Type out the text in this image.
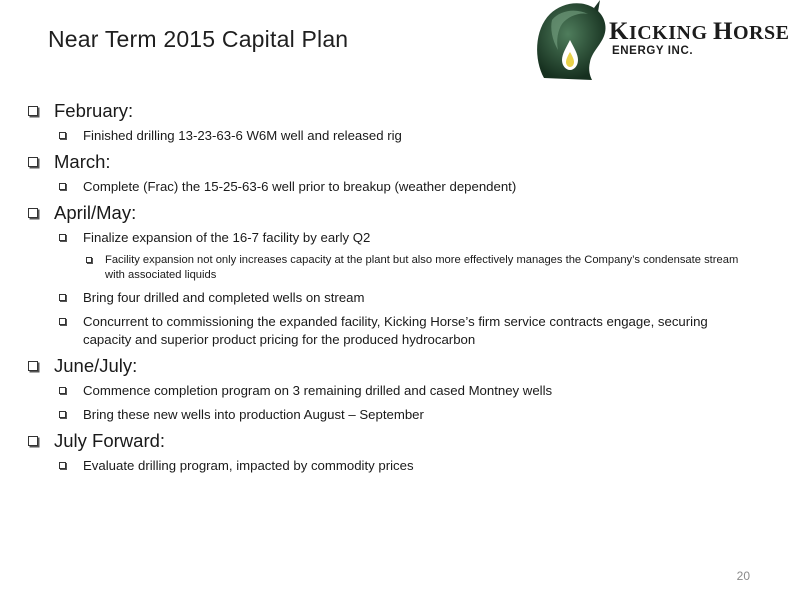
Near Term 2015 Capital Plan	KICKING HORSE
ENERGY INC.
February:
Finished drilling 13-23-63-6 W6M well and released rig
March:
Complete (Frac) the 15-25-63-6 well prior to breakup (weather dependent)
April/May:
Finalize expansion of the 16-7 facility by early Q2
Facility expansion not only increases capacity at the plant but also more effectively manages the Company’s condensate stream with associated liquids
Bring four drilled and completed wells on stream
Concurrent to commissioning the expanded facility, Kicking Horse’s firm service contracts engage, securing capacity and superior product pricing for the produced hydrocarbon
June/July:
Commence completion program on 3 remaining drilled and cased Montney wells
Bring these new wells into production August – September
July Forward:
Evaluate drilling program, impacted by commodity prices
20
